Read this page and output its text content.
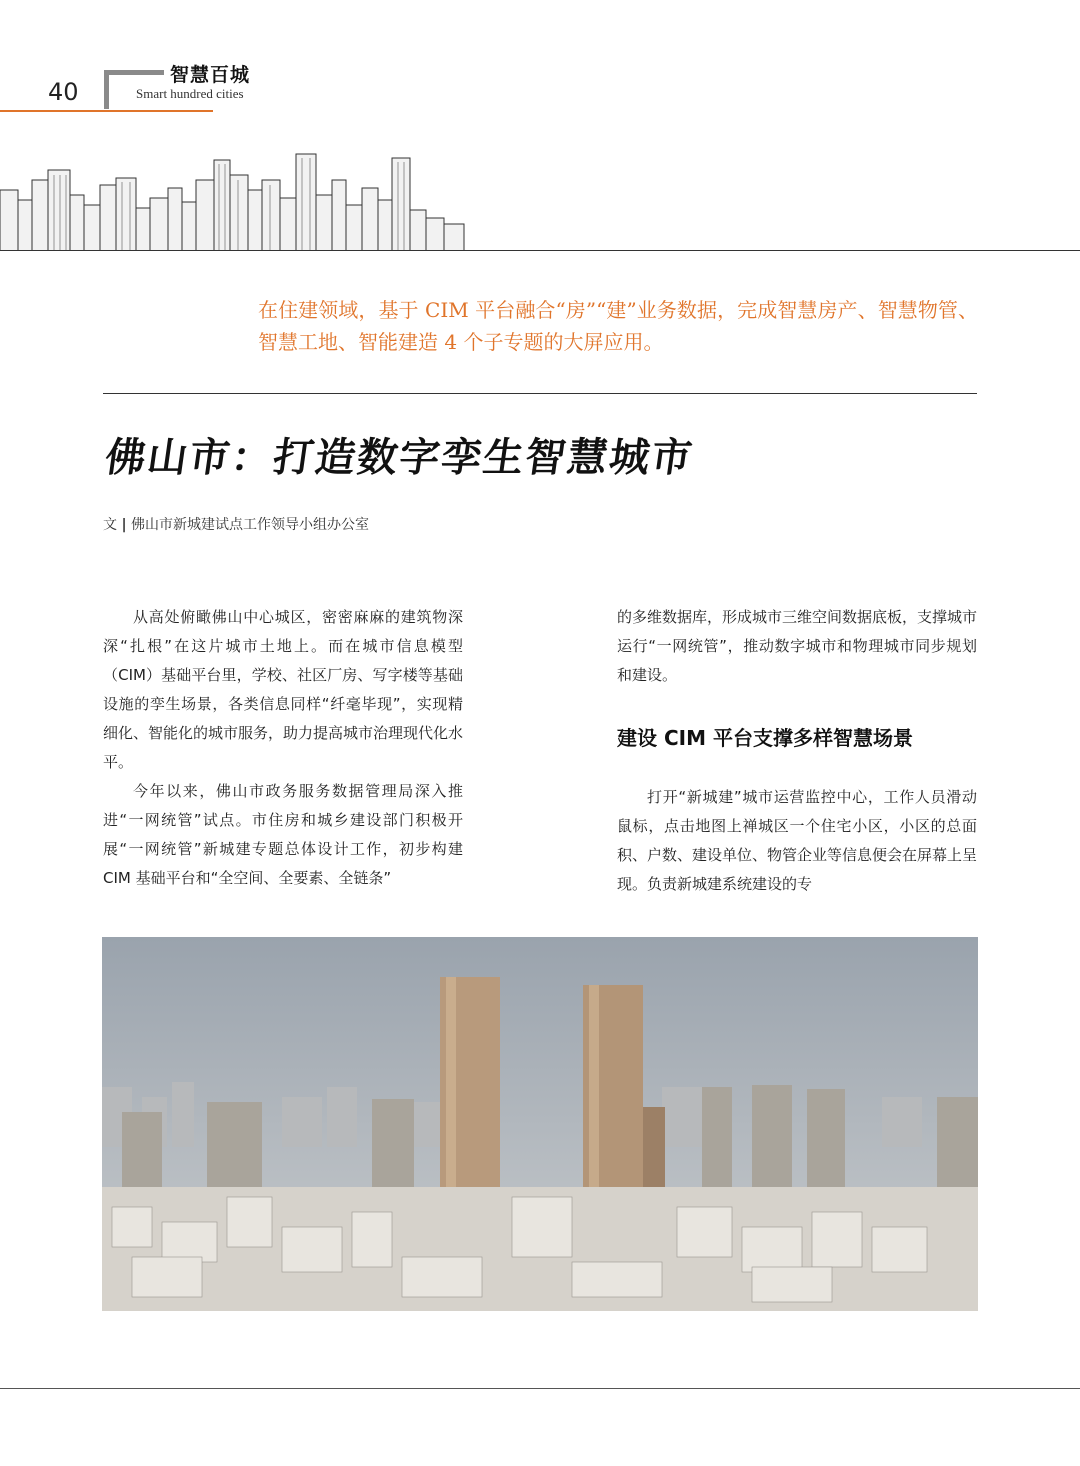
40
智慧百城
Smart hundred cities
在住建领域，基于 CIM 平台融合“房”“建”业务数据，完成智慧房产、智慧物管、智慧工地、智能建造 4 个子专题的大屏应用。
佛山市：打造数字孪生智慧城市
文 | 佛山市新城建试点工作领导小组办公室

从高处俯瞰佛山中心城区，密密麻麻的建筑物深深“扎根”在这片城市土地上。而在城市信息模型（CIM）基础平台里，学校、社区厂房、写字楼等基础设施的孪生场景，各类信息同样“纤毫毕现”，实现精细化、智能化的城市服务，助力提高城市治理现代化水平。

今年以来，佛山市政务服务数据管理局深入推进“一网统管”试点。市住房和城乡建设部门积极开展“一网统管”新城建专题总体设计工作，初步构建 CIM 基础平台和“全空间、全要素、全链条”

的多维数据库，形成城市三维空间数据底板，支撑城市运行“一网统管”，推动数字城市和物理城市同步规划和建设。

建设 CIM 平台支撑多样智慧场景

打开“新城建”城市运营监控中心，工作人员滑动鼠标，点击地图上禅城区一个住宅小区，小区的总面积、户数、建设单位、物管企业等信息便会在屏幕上呈现。负责新城建系统建设的专
